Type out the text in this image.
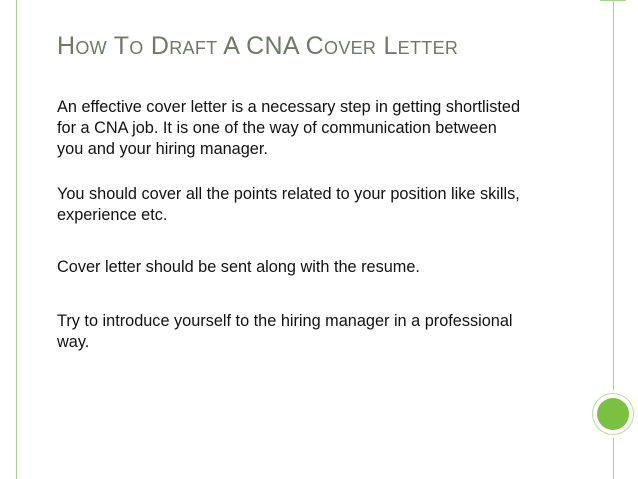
How To Draft A CNA Cover Letter
An effective cover letter is a necessary step in getting shortlisted for a CNA job. It is one of the way of communication between you and your hiring manager.
You should cover all the points related to your position like skills, experience etc.
Cover letter should be sent along with the resume.
Try to introduce yourself to the hiring manager in a professional way.
